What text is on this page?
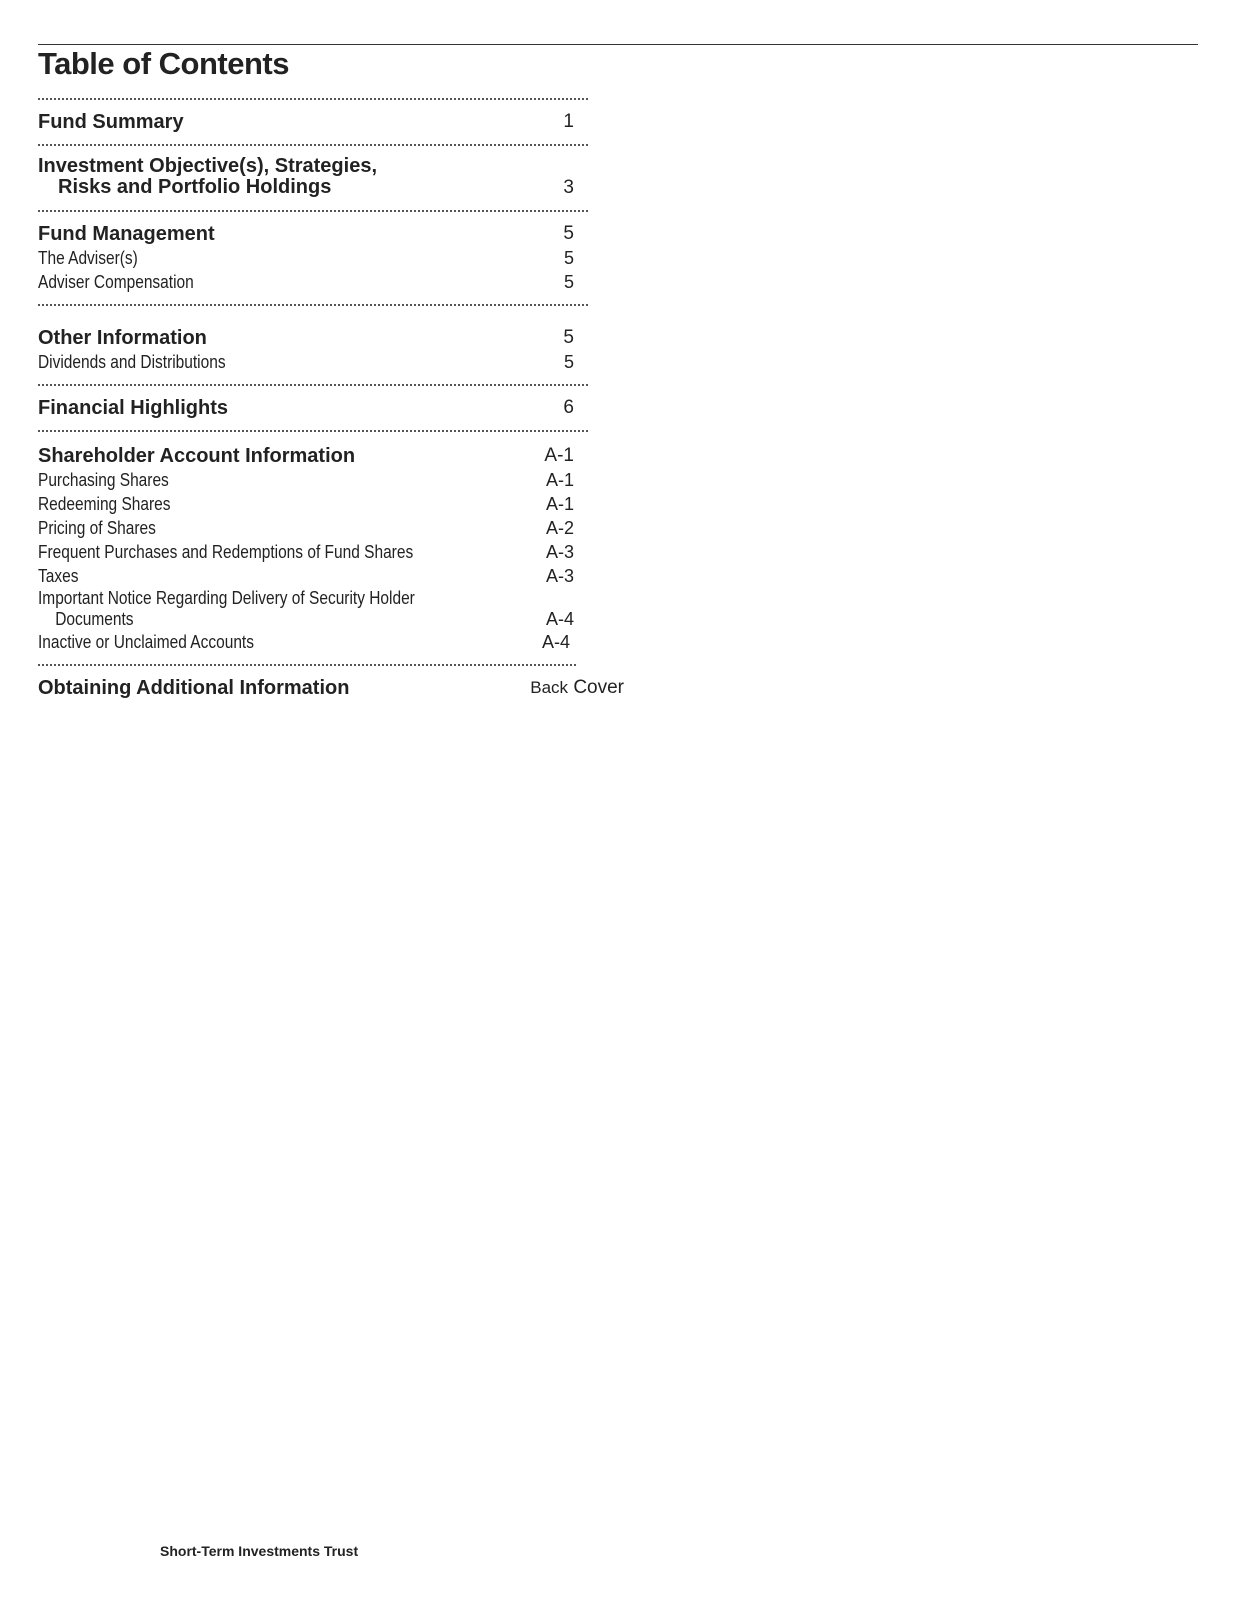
Table of Contents
Fund Summary	1
Investment Objective(s), Strategies,
Risks and Portfolio Holdings	3
Fund Management	5
The Adviser(s)	5
Adviser Compensation	5
Other Information	5
Dividends and Distributions	5
Financial Highlights	6
Shareholder Account Information	A-1
Purchasing Shares	A-1
Redeeming Shares	A-1
Pricing of Shares	A-2
Frequent Purchases and Redemptions of Fund Shares	A-3
Taxes	A-3
Important Notice Regarding Delivery of Security Holder
Documents	A-4
Inactive or Unclaimed Accounts	A-4
Obtaining Additional Information	Back Cover
Short-Term Investments Trust
